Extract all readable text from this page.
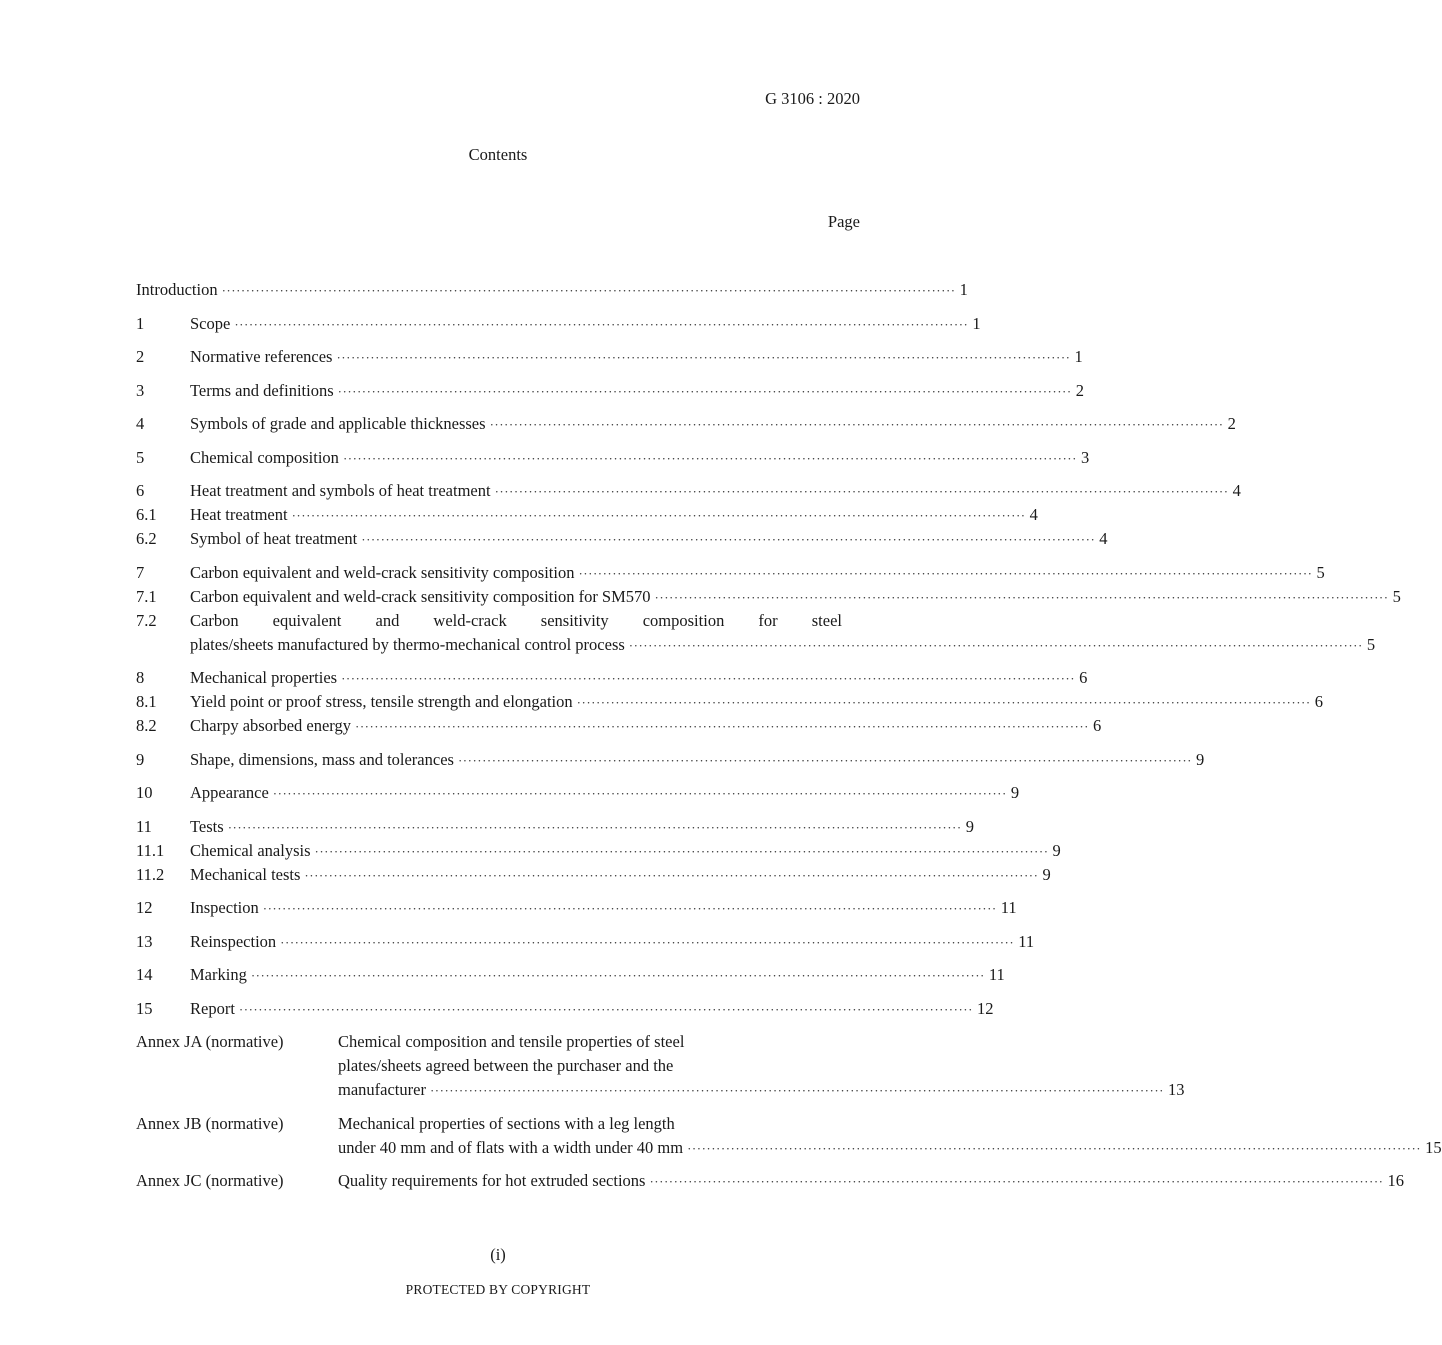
G 3106 : 2020
Contents
Page
Introduction ·····	1
1	Scope ·····	1
2	Normative references ·····	1
3	Terms and definitions ·····	2
4	Symbols of grade and applicable thicknesses ·····	2
5	Chemical composition ·····	3
6	Heat treatment and symbols of heat treatment ·····	4
6.1	Heat treatment ·····	4
6.2	Symbol of heat treatment ·····	4
7	Carbon equivalent and weld-crack sensitivity composition ·····	5
7.1	Carbon equivalent and weld-crack sensitivity composition for SM570 ·····	5
7.2 Carbon equivalent and weld-crack sensitivity composition for steel
plates/sheets manufactured by thermo-mechanical control process ·····	5
8	Mechanical properties ·····	6
8.1	Yield point or proof stress, tensile strength and elongation ·····	6
8.2	Charpy absorbed energy ·····	6
9	Shape, dimensions, mass and tolerances ·····	9
10	Appearance ·····	9
11	Tests ·····	9
11.1	Chemical analysis ·····	9
11.2	Mechanical tests ·····	9
12	Inspection ·····	11
13	Reinspection ·····	11
14	Marking ·····	11
15	Report ·····	12
Annex JA (normative)	Chemical composition and tensile properties of steel
plates/sheets agreed between the purchaser and the
manufacturer ·····	13
Annex JB (normative)	Mechanical properties of sections with a leg length
under 40 mm and of flats with a width under 40 mm ·····	15
Annex JC (normative)	Quality requirements for hot extruded sections ·····	16
(i)
PROTECTED BY COPYRIGHT
